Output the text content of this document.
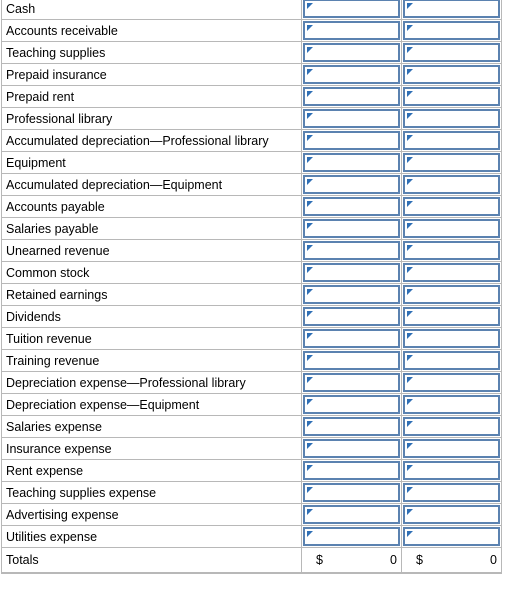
Cash	

Accounts receivable	

Teaching supplies	

Prepaid insurance	

Prepaid rent	

Professional library	

Accumulated depreciation—Professional library	

Equipment	

Accumulated depreciation—Equipment	

Accounts payable	

Salaries payable	

Unearned revenue	

Common stock	

Retained earnings	

Dividends	

Tuition revenue	

Training revenue	

Depreciation expense—Professional library	

Depreciation expense—Equipment	

Salaries expense	

Insurance expense	

Rent expense	

Teaching supplies expense	

Advertising expense	

Utilities expense	

Totals	$ 0	$ 0
